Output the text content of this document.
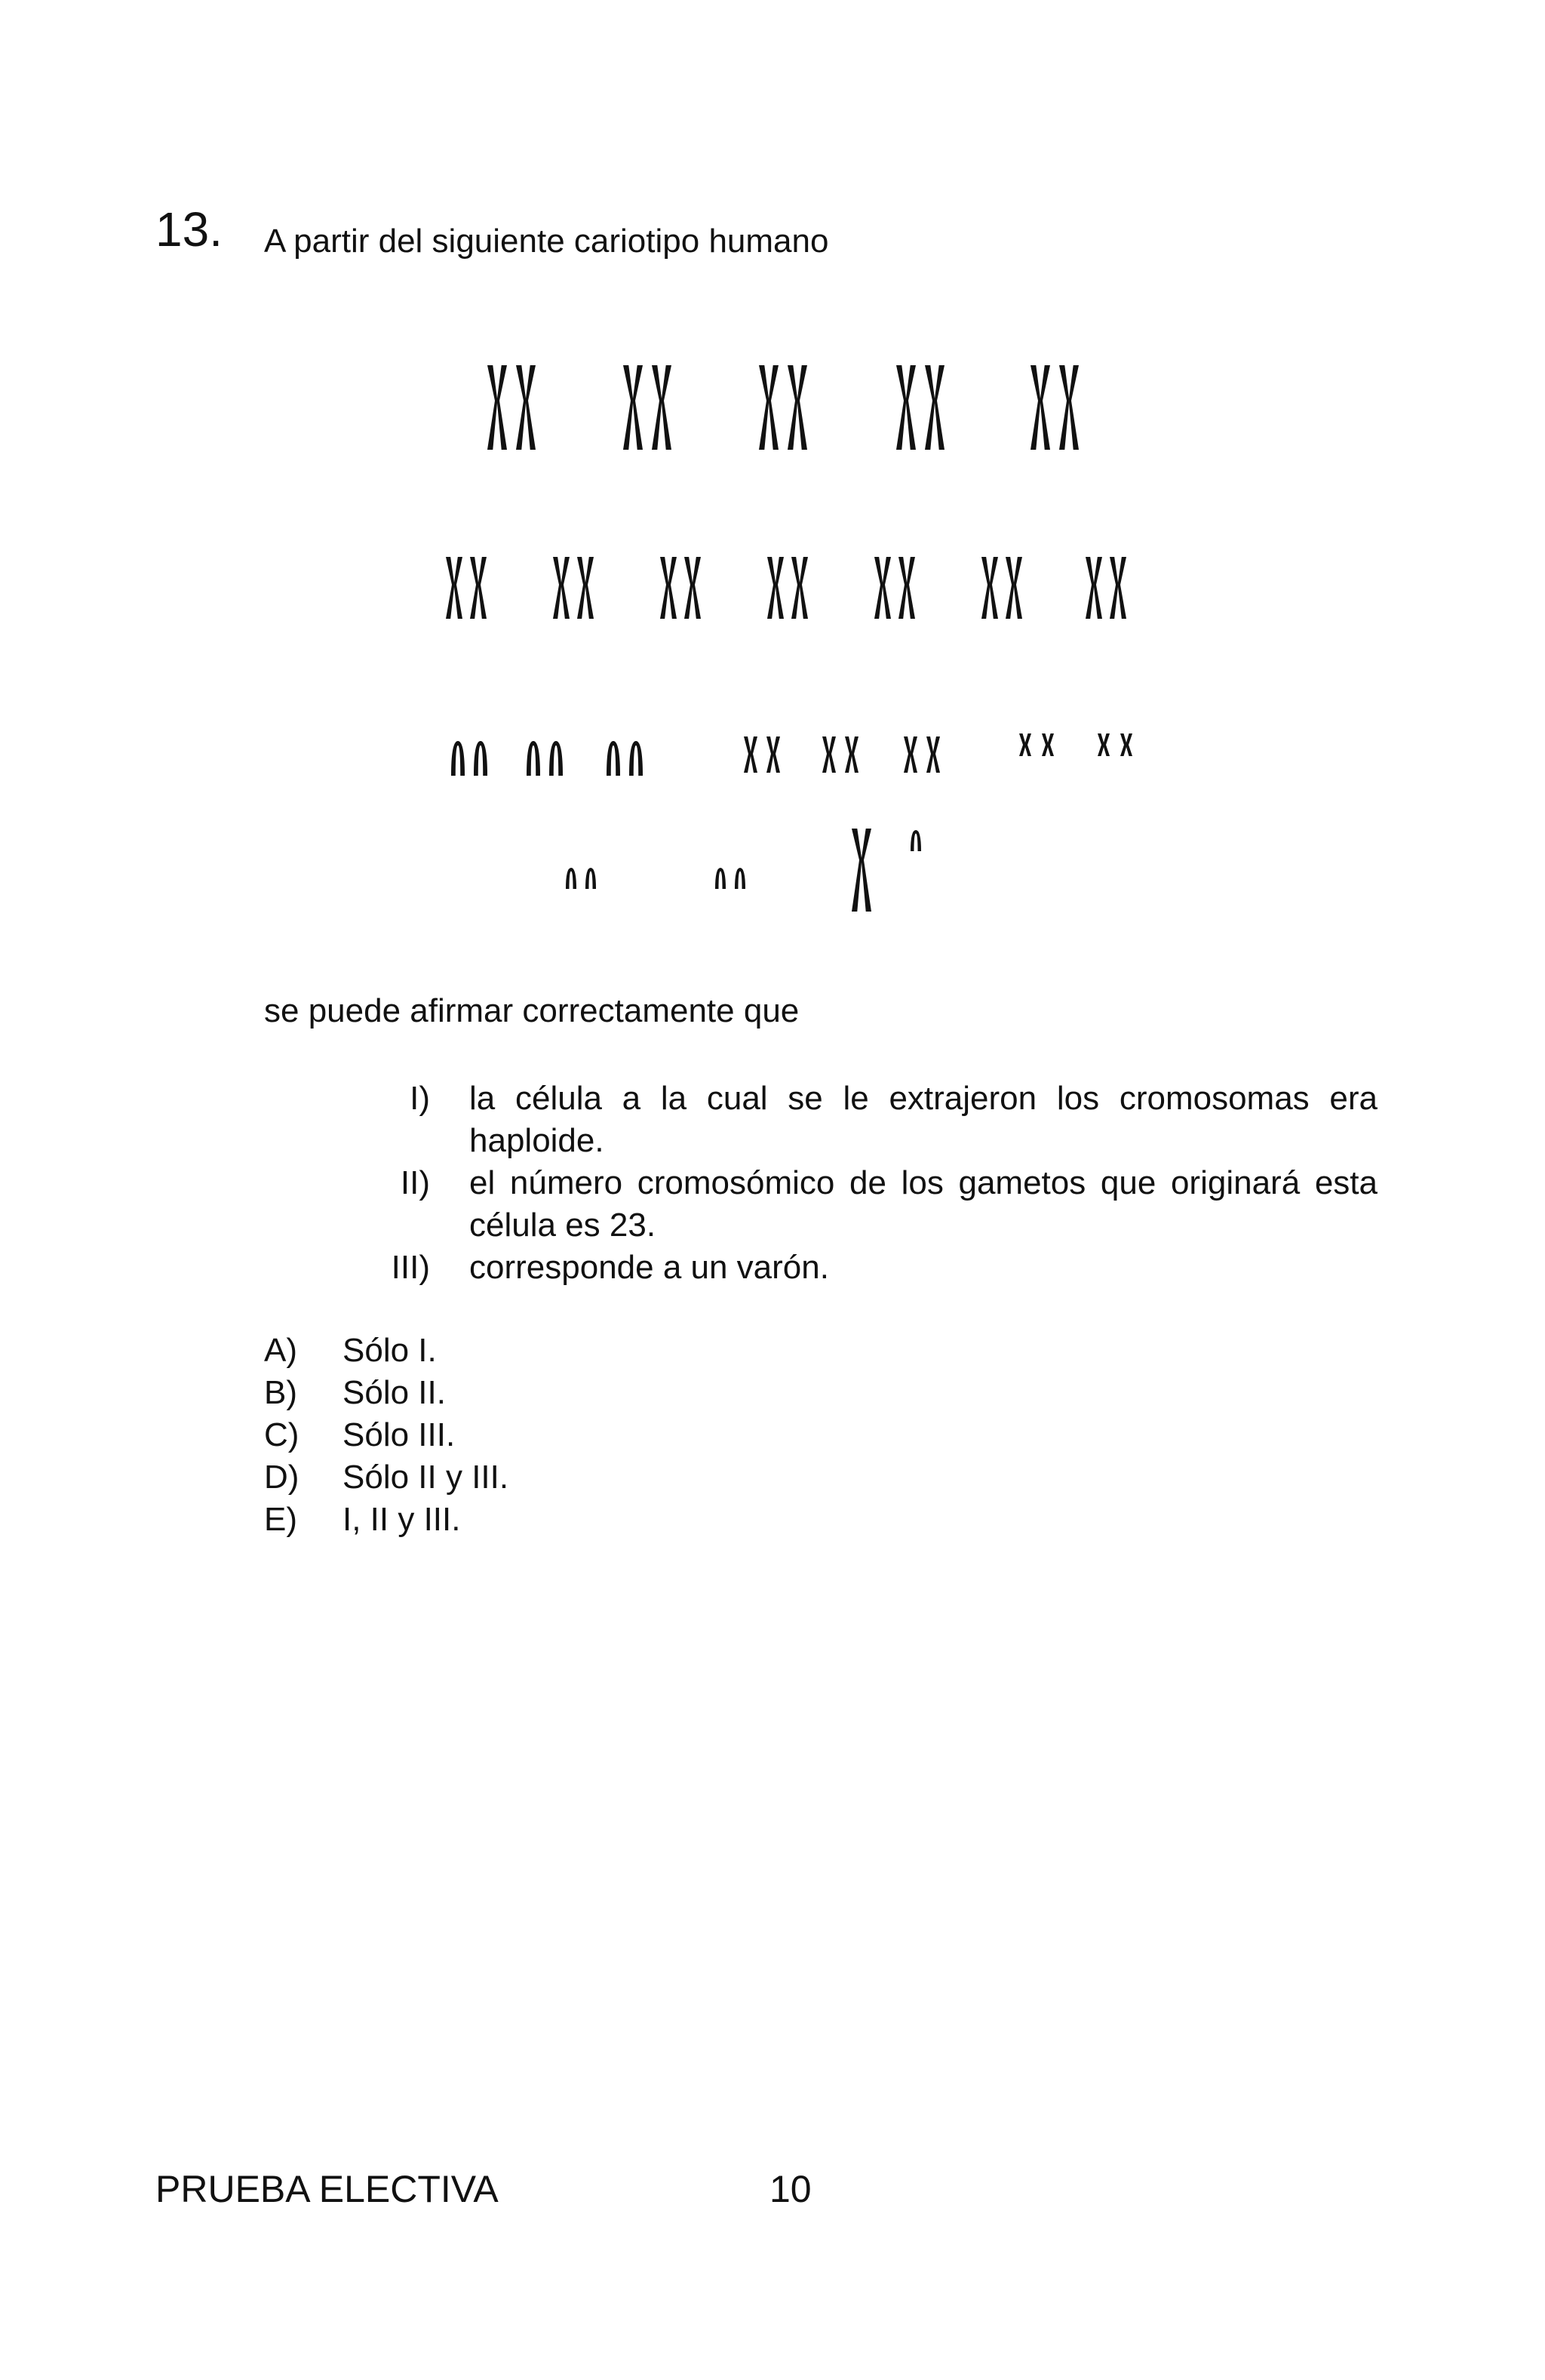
13. A partir del siguiente cariotipo humano
se puede afirmar correctamente que
I) la célula a la cual se le extrajeron los cromosomas era haploide.
II) el número cromosómico de los gametos que originará esta célula es 23.
III) corresponde a un varón.
A)	Sólo I.
B)	Sólo II.
C)	Sólo III.
D)	Sólo II y III.
E)	I, II y III.
PRUEBA ELECTIVA	10
